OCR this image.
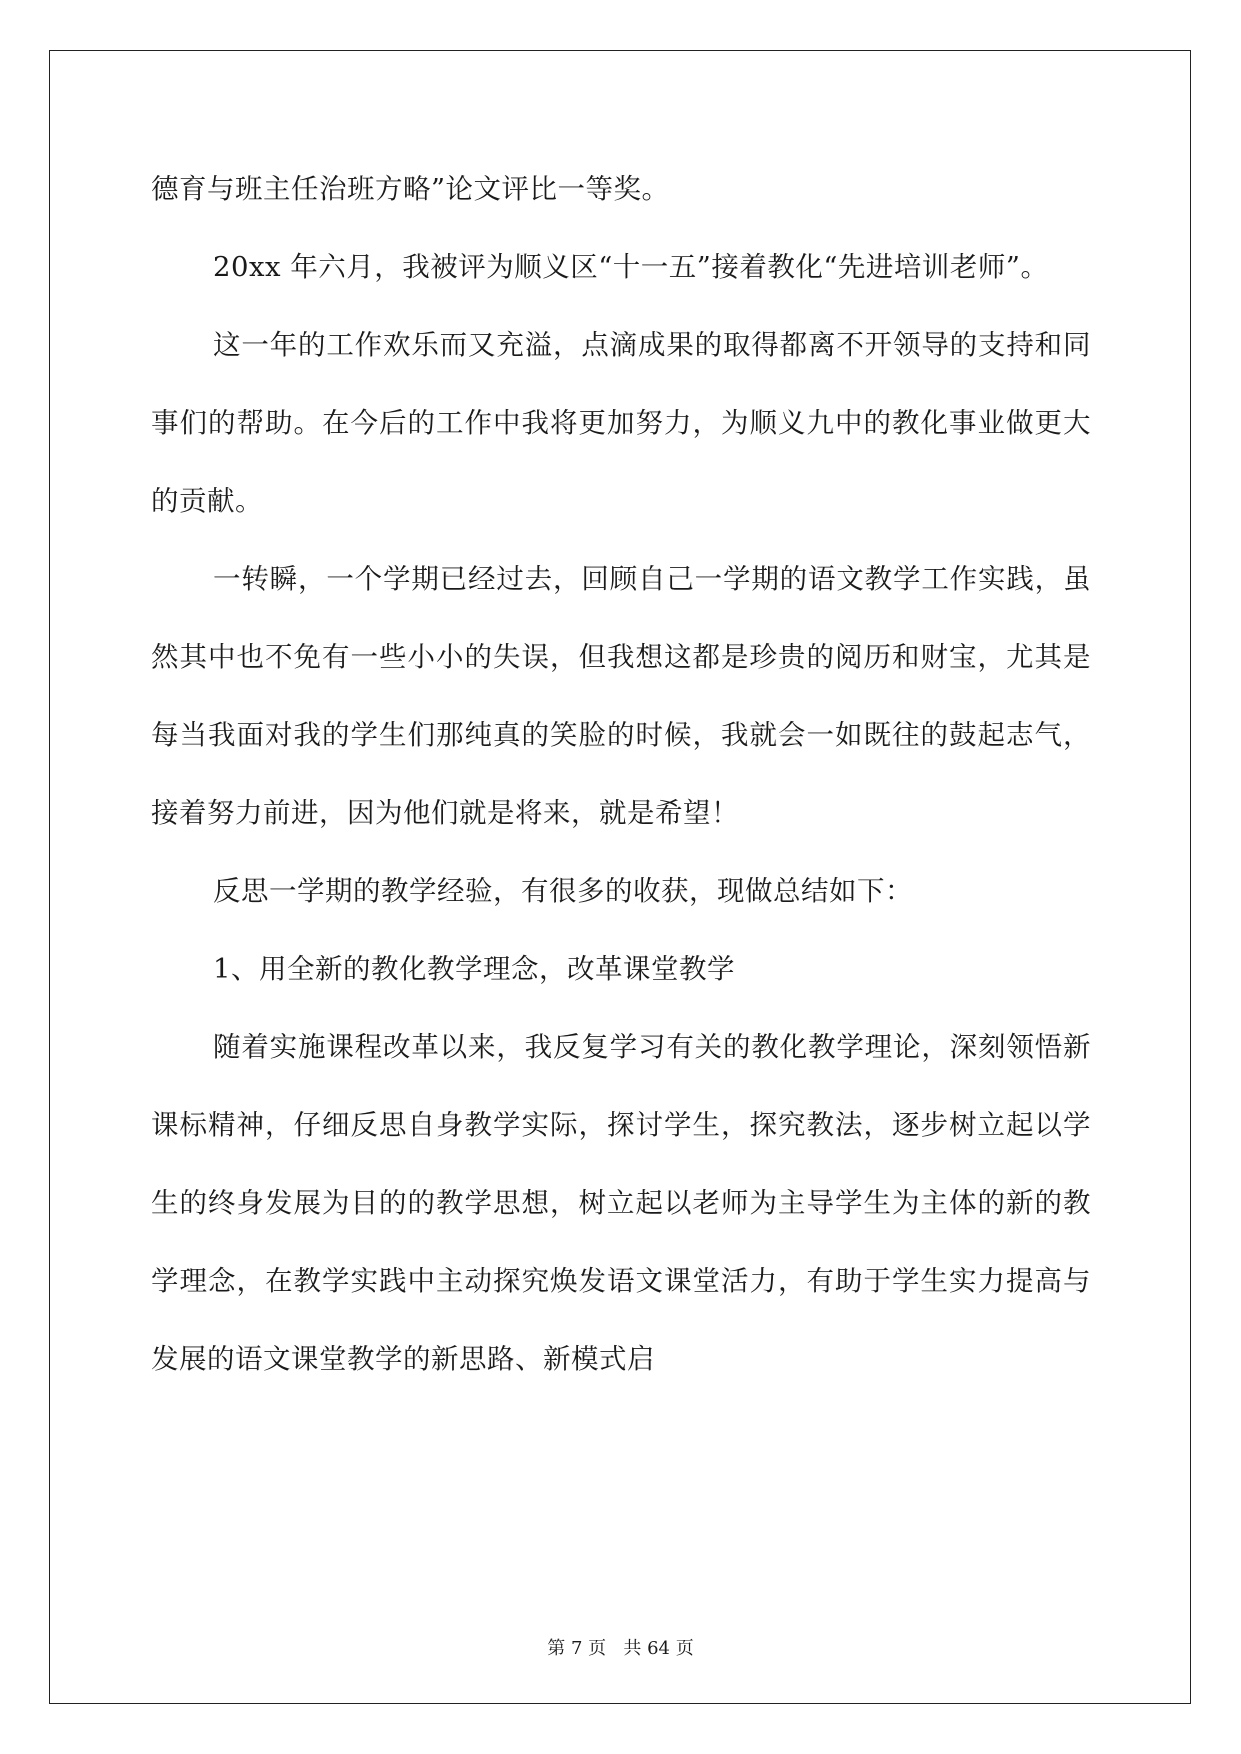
德育与班主任治班方略”论文评比一等奖。

20xx 年六月，我被评为顺义区“十一五”接着教化“先进培训老师”。

这一年的工作欢乐而又充溢，点滴成果的取得都离不开领导的支持和同事们的帮助。在今后的工作中我将更加努力，为顺义九中的教化事业做更大的贡献。

一转瞬，一个学期已经过去，回顾自己一学期的语文教学工作实践，虽然其中也不免有一些小小的失误，但我想这都是珍贵的阅历和财宝，尤其是每当我面对我的学生们那纯真的笑脸的时候，我就会一如既往的鼓起志气，接着努力前进，因为他们就是将来，就是希望！

反思一学期的教学经验，有很多的收获，现做总结如下：

1、用全新的教化教学理念，改革课堂教学

随着实施课程改革以来，我反复学习有关的教化教学理论，深刻领悟新课标精神，仔细反思自身教学实际，探讨学生，探究教法，逐步树立起以学生的终身发展为目的的教学思想，树立起以老师为主导学生为主体的新的教学理念，在教学实践中主动探究焕发语文课堂活力，有助于学生实力提高与发展的语文课堂教学的新思路、新模式启

第 7 页 共 64 页
